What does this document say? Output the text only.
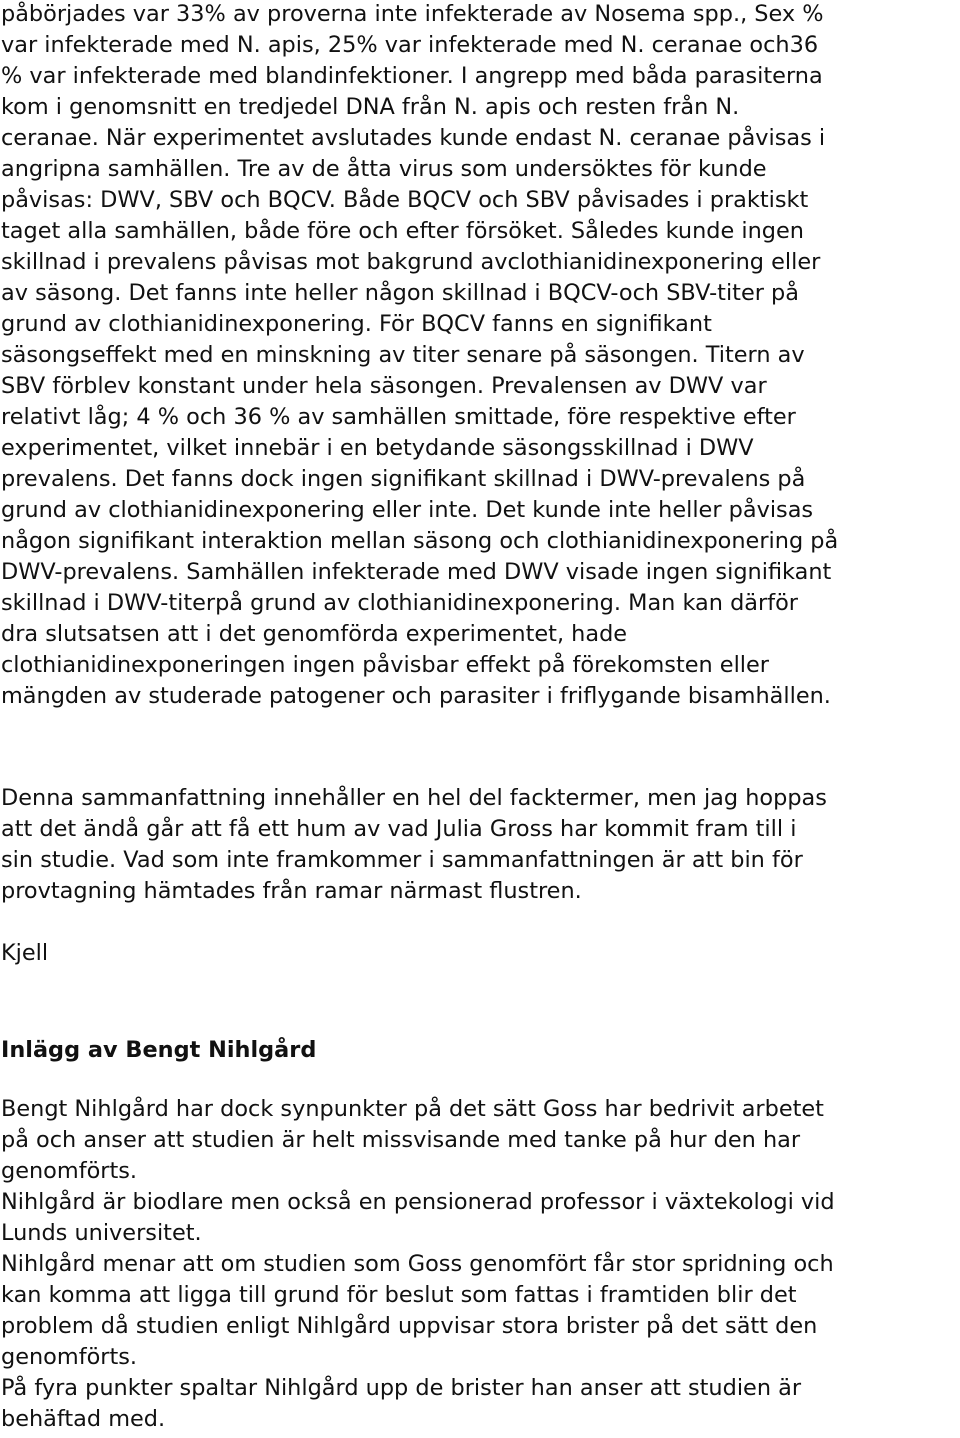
påbörjades var 33% av proverna inte infekterade av Nosema spp., Sex %
var infekterade med N. apis, 25% var infekterade med N. ceranae och36
% var infekterade med blandinfektioner. I angrepp med båda parasiterna
kom i genomsnitt en tredjedel DNA från N. apis och resten från N.
ceranae. När experimentet avslutades kunde endast N. ceranae påvisas i
angripna samhällen. Tre av de åtta virus som undersöktes för kunde
påvisas: DWV, SBV och BQCV. Både BQCV och SBV påvisades i praktiskt
taget alla samhällen, både före och efter försöket. Således kunde ingen
skillnad i prevalens påvisas mot bakgrund avclothianidinexponering eller
av säsong. Det fanns inte heller någon skillnad i BQCV-och SBV-titer på
grund av clothianidinexponering. För BQCV fanns en signifikant
säsongseffekt med en minskning av titer senare på säsongen. Titern av
SBV förblev konstant under hela säsongen. Prevalensen av DWV var
relativt låg; 4 % och 36 % av samhällen smittade, före respektive efter
experimentet, vilket innebär i en betydande säsongsskillnad i DWV
prevalens. Det fanns dock ingen signifikant skillnad i DWV-prevalens på
grund av clothianidinexponering eller inte. Det kunde inte heller påvisas
någon signifikant interaktion mellan säsong och clothianidinexponering på
DWV-prevalens. Samhällen infekterade med DWV visade ingen signifikant
skillnad i DWV-titerpå grund av clothianidinexponering. Man kan därför
dra slutsatsen att i det genomförda experimentet, hade
clothianidinexponeringen ingen påvisbar effekt på förekomsten eller
mängden av studerade patogener och parasiter i friflygande bisamhällen.
Denna sammanfattning innehåller en hel del facktermer, men jag hoppas
att det ändå går att få ett hum av vad Julia Gross har kommit fram till i
sin studie. Vad som inte framkommer i sammanfattningen är att bin för
provtagning hämtades från ramar närmast flustren.
Kjell
Inlägg av Bengt Nihlgård
Bengt Nihlgård har dock synpunkter på det sätt Goss har bedrivit arbetet
på och anser att studien är helt missvisande med tanke på hur den har
genomförts.
Nihlgård är biodlare men också en pensionerad professor i växtekologi vid
Lunds universitet.
Nihlgård menar att om studien som Goss genomfört får stor spridning och
kan komma att ligga till grund för beslut som fattas i framtiden blir det
problem då studien enligt Nihlgård uppvisar stora brister på det sätt den
genomförts.
På fyra punkter spaltar Nihlgård upp de brister han anser att studien är
behäftad med.
